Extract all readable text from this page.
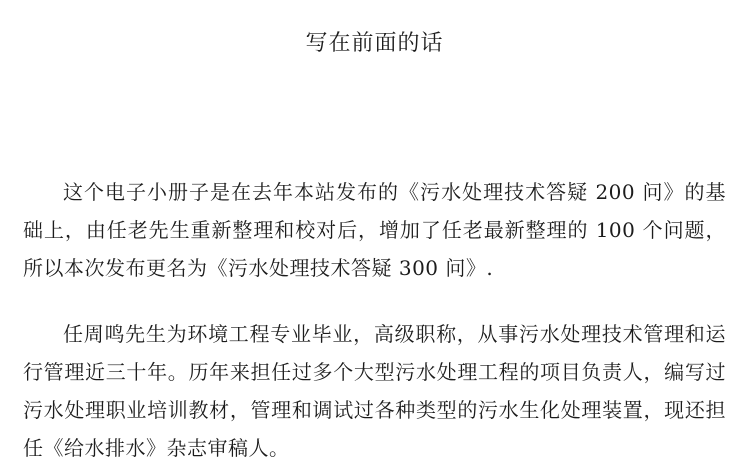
写在前面的话

这个电子小册子是在去年本站发布的《污水处理技术答疑 200 问》的基础上，由任老先生重新整理和校对后，增加了任老最新整理的 100 个问题，所以本次发布更名为《污水处理技术答疑 300 问》.

任周鸣先生为环境工程专业毕业，高级职称，从事污水处理技术管理和运行管理近三十年。历年来担任过多个大型污水处理工程的项目负责人，编写过污水处理职业培训教材，管理和调试过各种类型的污水生化处理装置，现还担任《给水排水》杂志审稿人。
